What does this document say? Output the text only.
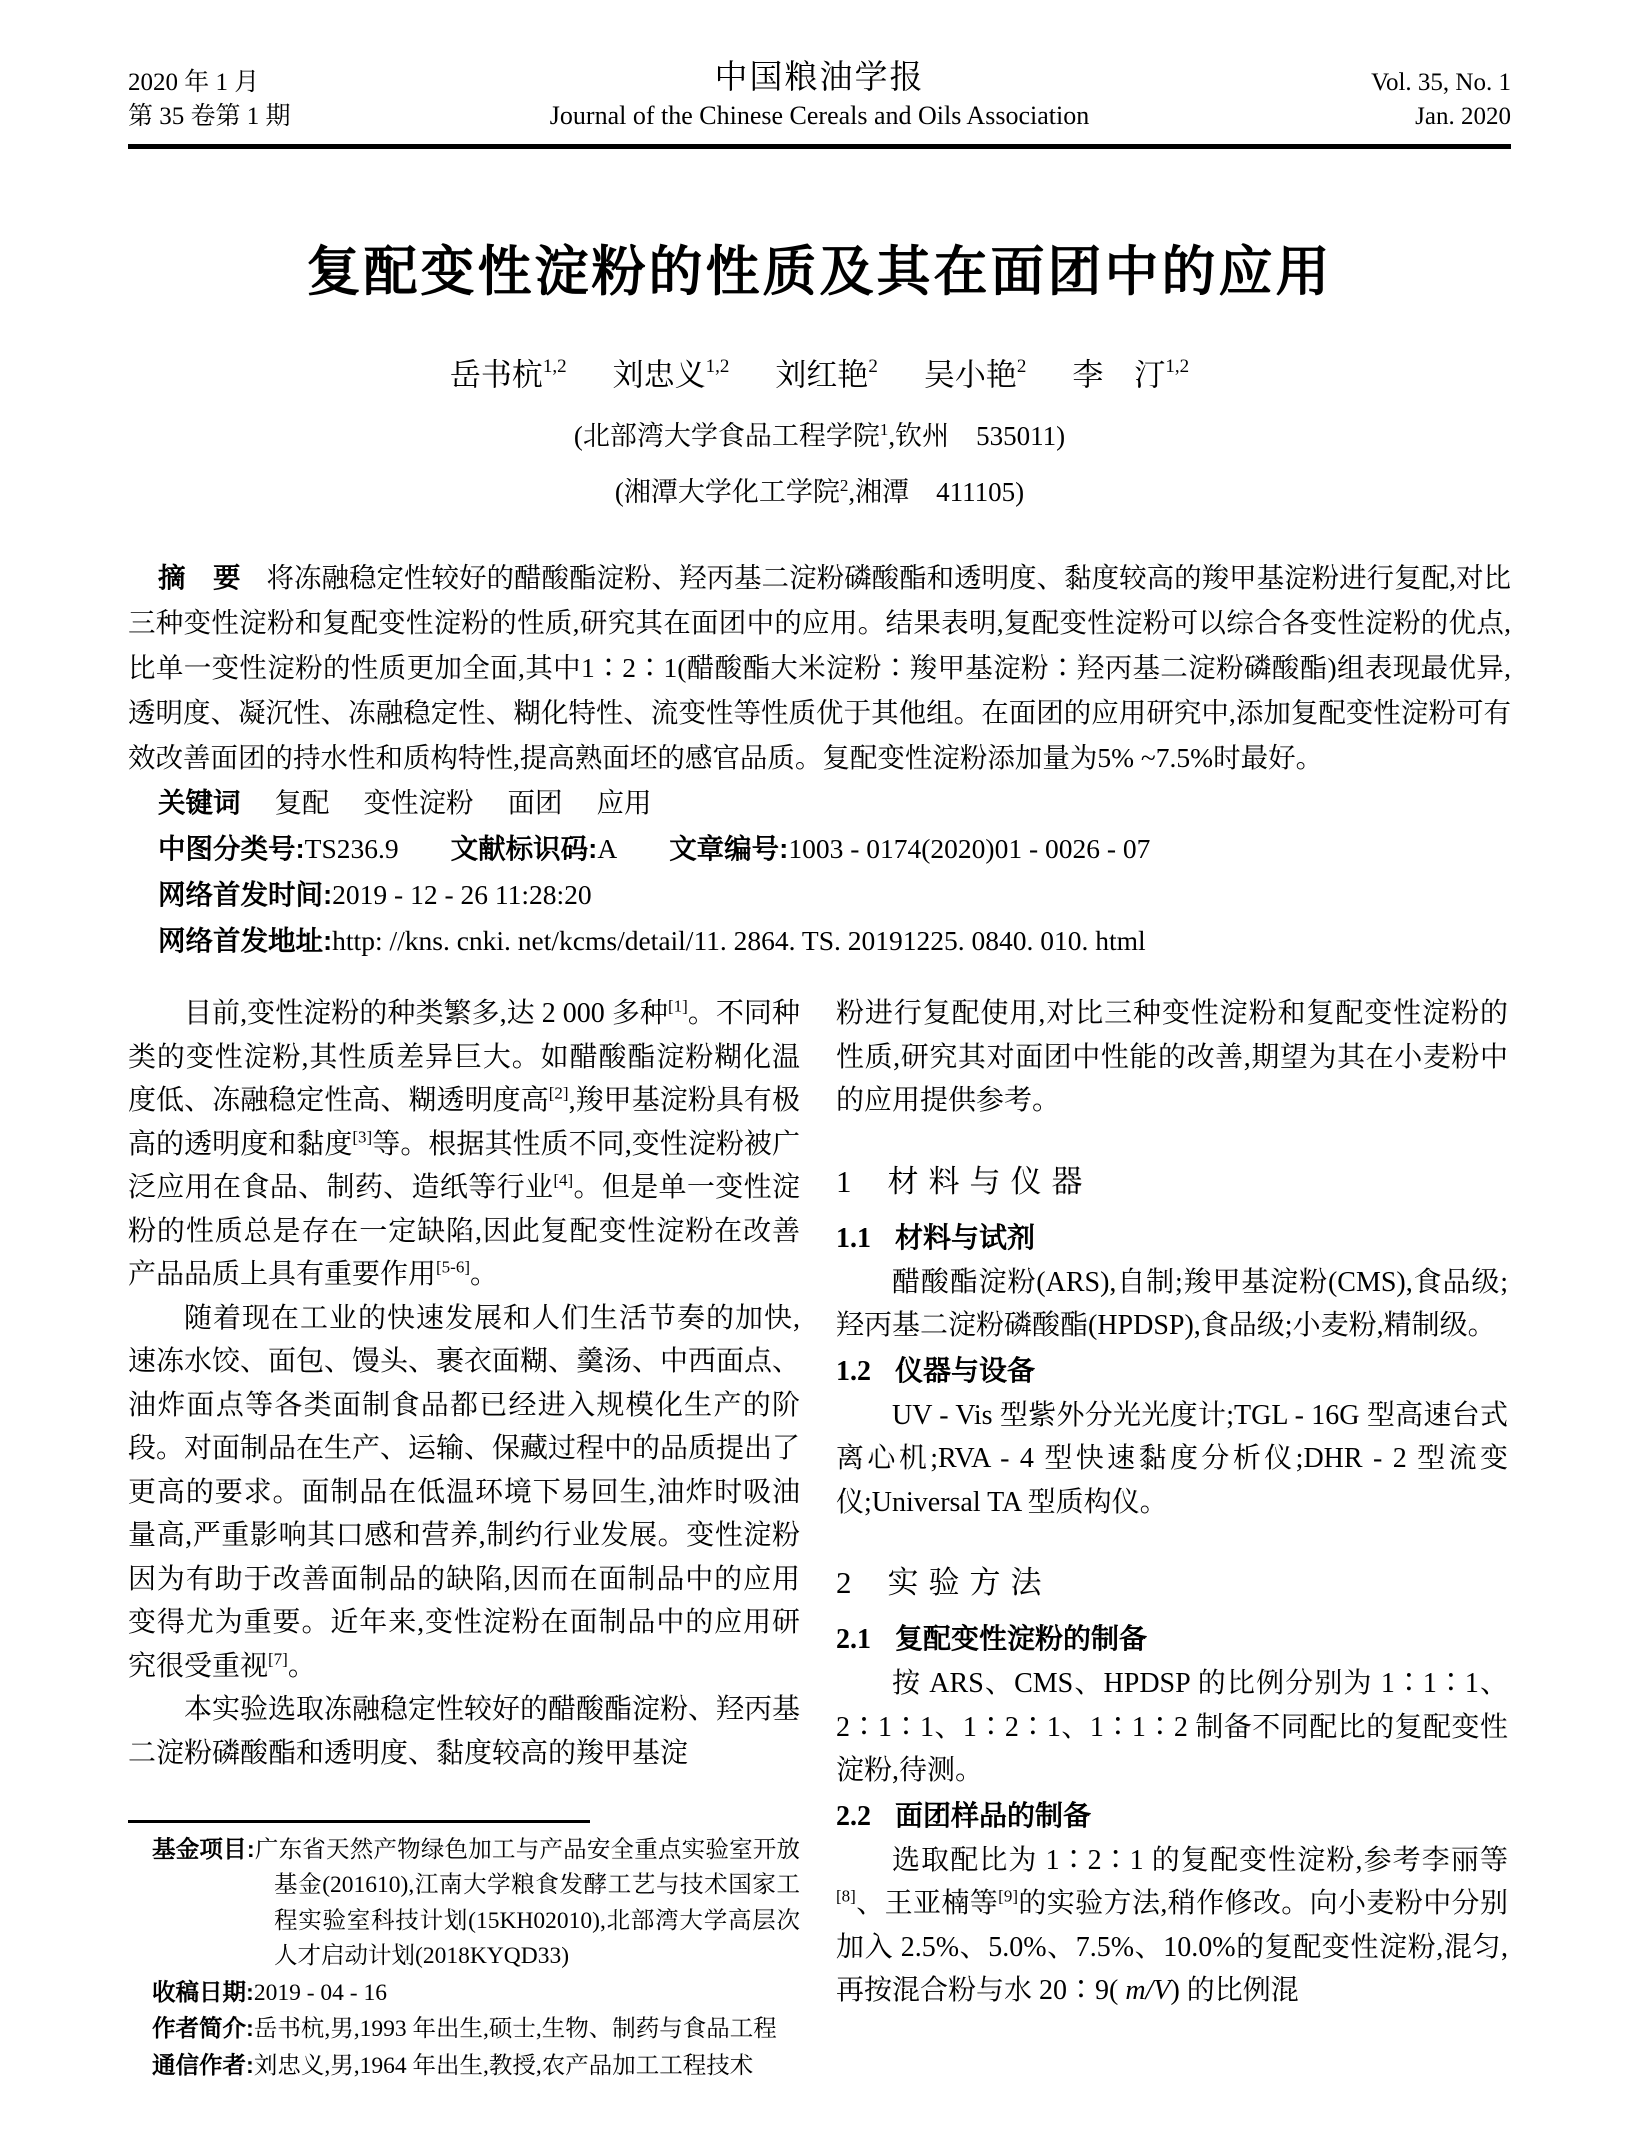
2020 年 1 月
第 35 卷第 1 期
中国粮油学报
Journal of the Chinese Cereals and Oils Association
Vol. 35, No. 1
Jan. 2020
复配变性淀粉的性质及其在面团中的应用
岳书杭$^{1,2}$ 刘忠义$^{1,2}$ 刘红艳$^2$ 吴小艳$^2$ 李　汀$^{1,2}$
(北部湾大学食品工程学院$^1$,钦州　535011)
(湘潭大学化工学院$^2$,湘潭　411105)

摘　要 将冻融稳定性较好的醋酸酯淀粉、羟丙基二淀粉磷酸酯和透明度、黏度较高的羧甲基淀粉进行复配,对比三种变性淀粉和复配变性淀粉的性质,研究其在面团中的应用。结果表明,复配变性淀粉可以综合各变性淀粉的优点,比单一变性淀粉的性质更加全面,其中1∶2∶1(醋酸酯大米淀粉∶羧甲基淀粉∶羟丙基二淀粉磷酸酯)组表现最优异,透明度、凝沉性、冻融稳定性、糊化特性、流变性等性质优于其他组。在面团的应用研究中,添加复配变性淀粉可有效改善面团的持水性和质构特性,提高熟面坯的感官品质。复配变性淀粉添加量为5% ~7.5%时最好。

关键词 复配 变性淀粉 面团 应用

中图分类号:TS236.9 文献标识码:A 文章编号:1003 - 0174(2020)01 - 0026 - 07

网络首发时间:2019 - 12 - 26 11:28:20

网络首发地址:http: //kns. cnki. net/kcms/detail/11. 2864. TS. 20191225. 0840. 010. html

目前,变性淀粉的种类繁多,达 2 000 多种[1]。不同种类的变性淀粉,其性质差异巨大。如醋酸酯淀粉糊化温度低、冻融稳定性高、糊透明度高[2],羧甲基淀粉具有极高的透明度和黏度[3]等。根据其性质不同,变性淀粉被广泛应用在食品、制药、造纸等行业[4]。但是单一变性淀粉的性质总是存在一定缺陷,因此复配变性淀粉在改善产品品质上具有重要作用[5-6]。

随着现在工业的快速发展和人们生活节奏的加快,速冻水饺、面包、馒头、裹衣面糊、羹汤、中西面点、油炸面点等各类面制食品都已经进入规模化生产的阶段。对面制品在生产、运输、保藏过程中的品质提出了更高的要求。面制品在低温环境下易回生,油炸时吸油量高,严重影响其口感和营养,制约行业发展。变性淀粉因为有助于改善面制品的缺陷,因而在面制品中的应用变得尤为重要。近年来,变性淀粉在面制品中的应用研究很受重视[7]。

本实验选取冻融稳定性较好的醋酸酯淀粉、羟丙基二淀粉磷酸酯和透明度、黏度较高的羧甲基淀

基金项目:广东省天然产物绿色加工与产品安全重点实验室开放基金(201610),江南大学粮食发酵工艺与技术国家工程实验室科技计划(15KH02010),北部湾大学高层次人才启动计划(2018KYQD33)

收稿日期:2019 - 04 - 16

作者简介:岳书杭,男,1993 年出生,硕士,生物、制药与食品工程

通信作者:刘忠义,男,1964 年出生,教授,农产品加工工程技术

粉进行复配使用,对比三种变性淀粉和复配变性淀粉的性质,研究其对面团中性能的改善,期望为其在小麦粉中的应用提供参考。

1 材料与仪器
1.1 材料与试剂

醋酸酯淀粉(ARS),自制;羧甲基淀粉(CMS),食品级;羟丙基二淀粉磷酸酯(HPDSP),食品级;小麦粉,精制级。

1.2 仪器与设备

UV - Vis 型紫外分光光度计;TGL - 16G 型高速台式离心机;RVA - 4 型快速黏度分析仪;DHR - 2 型流变仪;Universal TA 型质构仪。

2 实验方法
2.1 复配变性淀粉的制备

按 ARS、CMS、HPDSP 的比例分别为 1∶1∶1、2∶1∶1、1∶2∶1、1∶1∶2 制备不同配比的复配变性淀粉,待测。

2.2 面团样品的制备

选取配比为 1∶2∶1 的复配变性淀粉,参考李丽等[8]、王亚楠等[9]的实验方法,稍作修改。向小麦粉中分别加入 2.5%、5.0%、7.5%、10.0%的复配变性淀粉,混匀,再按混合粉与水 20∶9( m/V) 的比例混
